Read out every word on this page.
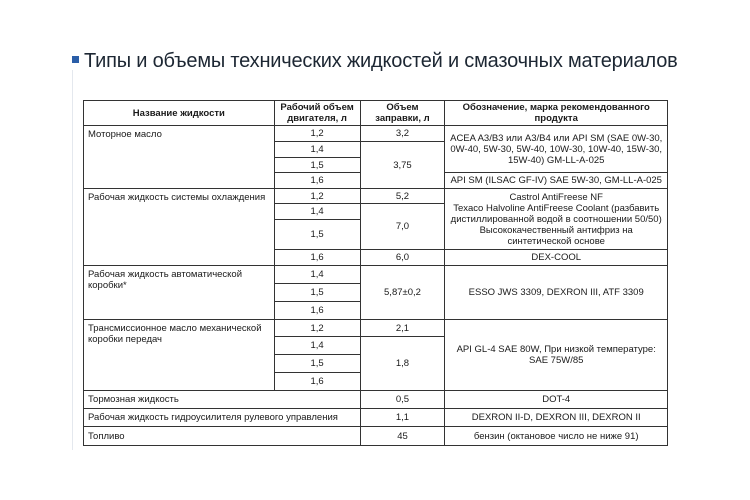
Типы и объемы технических жидкостей и смазочных материалов
Название жидкости	Рабочий объем двигателя, л	Объем заправки, л	Обозначение, марка рекомендованного продукта
Моторное масло	1,2	3,2	ACEA A3/B3 или A3/B4 или API SM (SAE 0W-30, 0W-40, 5W-30, 5W-40, 10W-30, 10W-40, 15W-30, 15W-40) GM-LL-A-025
	1,4	3,75	
	1,5		
	1,6		API SM (ILSAC GF-IV) SAE 5W-30, GM-LL-A-025
Рабочая жидкость системы охлаждения	1,2	5,2	Castrol AntiFreese NF
Texaco Halvoline AntiFreese Coolant (разбавить дистиллированной водой в соотношении 50/50)
Высококачественный антифриз на синтетической основе

	1,4	7,0	
	1,5		
	1,6	6,0	DEX-COOL
Рабочая жидкость автоматической коробки*	1,4	5,87±0,2	ESSO JWS 3309, DEXRON III, ATF 3309
	1,5		
	1,6		
Трансмиссионное масло механической коробки передач	1,2	2,1	API GL-4 SAE 80W, При низкой температуре: SAE 75W/85
	1,4	1,8	
	1,5		
	1,6		
Тормозная жидкость		0,5	DOT-4
Рабочая жидкость гидроусилителя рулевого управления		1,1	DEXRON II-D, DEXRON III, DEXRON II
Топливо		45	бензин (октановое число не ниже 91)
